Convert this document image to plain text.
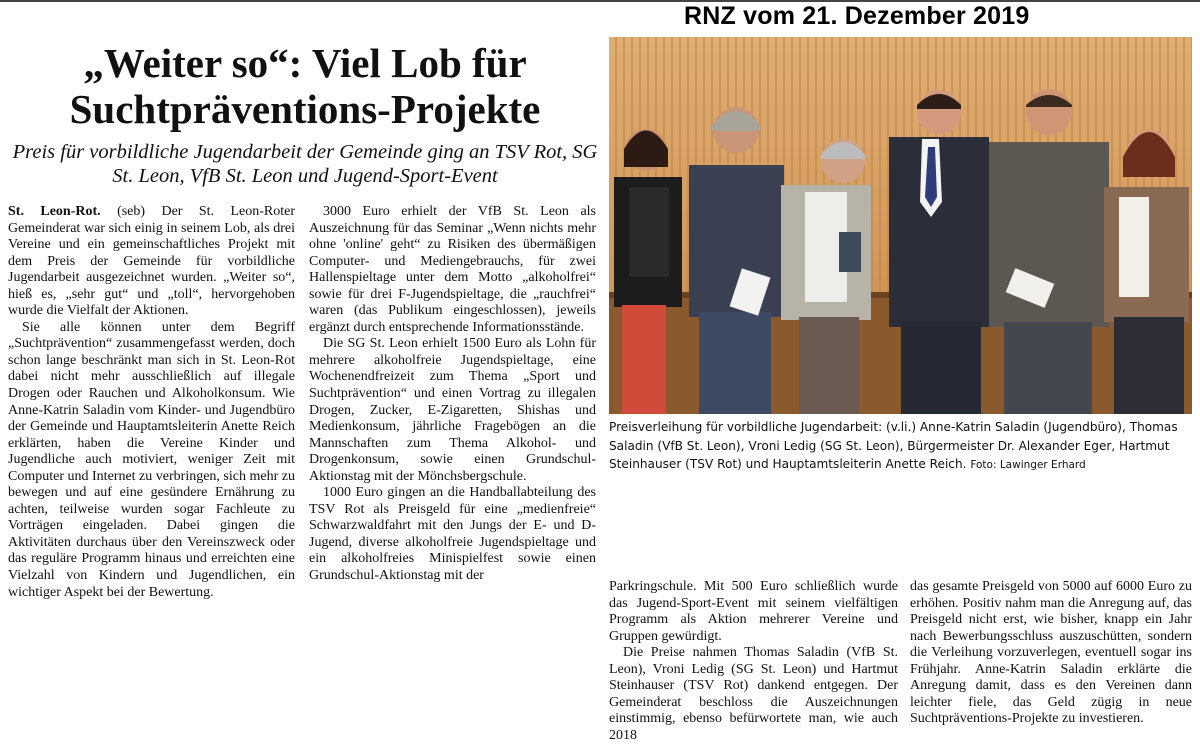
RNZ vom 21. Dezember 2019
„Weiter so“: Viel Lob für Suchtpräventions-Projekte
Preis für vorbildliche Jugendarbeit der Gemeinde ging an TSV Rot, SG St. Leon, VfB St. Leon und Jugend-Sport-Event

St. Leon-Rot. (seb) Der St. Leon-Roter Gemeinderat war sich einig in seinem Lob, als drei Vereine und ein gemeinschaftliches Projekt mit dem Preis der Gemeinde für vorbildliche Jugendarbeit ausgezeichnet wurden. „Weiter so“, hieß es, „sehr gut“ und „toll“, hervorgehoben wurde die Vielfalt der Aktionen.

Sie alle können unter dem Begriff „Suchtprävention“ zusammengefasst werden, doch schon lange beschränkt man sich in St. Leon-Rot dabei nicht mehr ausschließlich auf illegale Drogen oder Rauchen und Alkoholkonsum. Wie Anne-Katrin Saladin vom Kinder- und Jugendbüro der Gemeinde und Hauptamtsleiterin Anette Reich erklärten, haben die Vereine Kinder und Jugendliche auch motiviert, weniger Zeit mit Computer und Internet zu verbringen, sich mehr zu bewegen und auf eine gesündere Ernährung zu achten, teilweise wurden sogar Fachleute zu Vorträgen eingeladen. Dabei gingen die Aktivitäten durchaus über den Vereinszweck oder das reguläre Programm hinaus und erreichten eine Vielzahl von Kindern und Jugendlichen, ein wichtiger Aspekt bei der Bewertung.

3000 Euro erhielt der VfB St. Leon als Auszeichnung für das Seminar „Wenn nichts mehr ohne 'online' geht“ zu Risiken des übermäßigen Computer- und Mediengebrauchs, für zwei Hallenspieltage unter dem Motto „alkoholfrei“ sowie für drei F-Jugendspieltage, die „rauchfrei“ waren (das Publikum eingeschlossen), jeweils ergänzt durch entsprechende Informationsstände.

Die SG St. Leon erhielt 1500 Euro als Lohn für mehrere alkoholfreie Jugendspieltage, eine Wochenendfreizeit zum Thema „Sport und Suchtprävention“ und einen Vortrag zu illegalen Drogen, Zucker, E-Zigaretten, Shishas und Medienkonsum, jährliche Fragebögen an die Mannschaften zum Thema Alkohol- und Drogenkonsum, sowie einen Grundschul-Aktionstag mit der Mönchsbergschule.

1000 Euro gingen an die Handballabteilung des TSV Rot als Preisgeld für eine „medienfreie“ Schwarzwaldfahrt mit den Jungs der E- und D-Jugend, diverse alkoholfreie Jugendspieltage und ein alkoholfreies Minispielfest sowie einen Grundschul-Aktionstag mit der

Preisverleihung für vorbildliche Jugendarbeit: (v.li.) Anne-Katrin Saladin (Jugendbüro), Thomas Saladin (VfB St. Leon), Vroni Ledig (SG St. Leon), Bürgermeister Dr. Alexander Eger, Hartmut Steinhauser (TSV Rot) und Hauptamtsleiterin Anette Reich. Foto: Lawinger Erhard

Parkringschule. Mit 500 Euro schließlich wurde das Jugend-Sport-Event mit seinem vielfältigen Programm als Aktion mehrerer Vereine und Gruppen gewürdigt.

Die Preise nahmen Thomas Saladin (VfB St. Leon), Vroni Ledig (SG St. Leon) und Hartmut Steinhauser (TSV Rot) dankend entgegen. Der Gemeinderat beschloss die Auszeichnungen einstimmig, ebenso befürwortete man, wie auch 2018

das gesamte Preisgeld von 5000 auf 6000 Euro zu erhöhen. Positiv nahm man die Anregung auf, das Preisgeld nicht erst, wie bisher, knapp ein Jahr nach Bewerbungsschluss auszuschütten, sondern die Verleihung vorzuverlegen, eventuell sogar ins Frühjahr. Anne-Katrin Saladin erklärte die Anregung damit, dass es den Vereinen dann leichter fiele, das Geld zügig in neue Suchtpräventions-Projekte zu investieren.
